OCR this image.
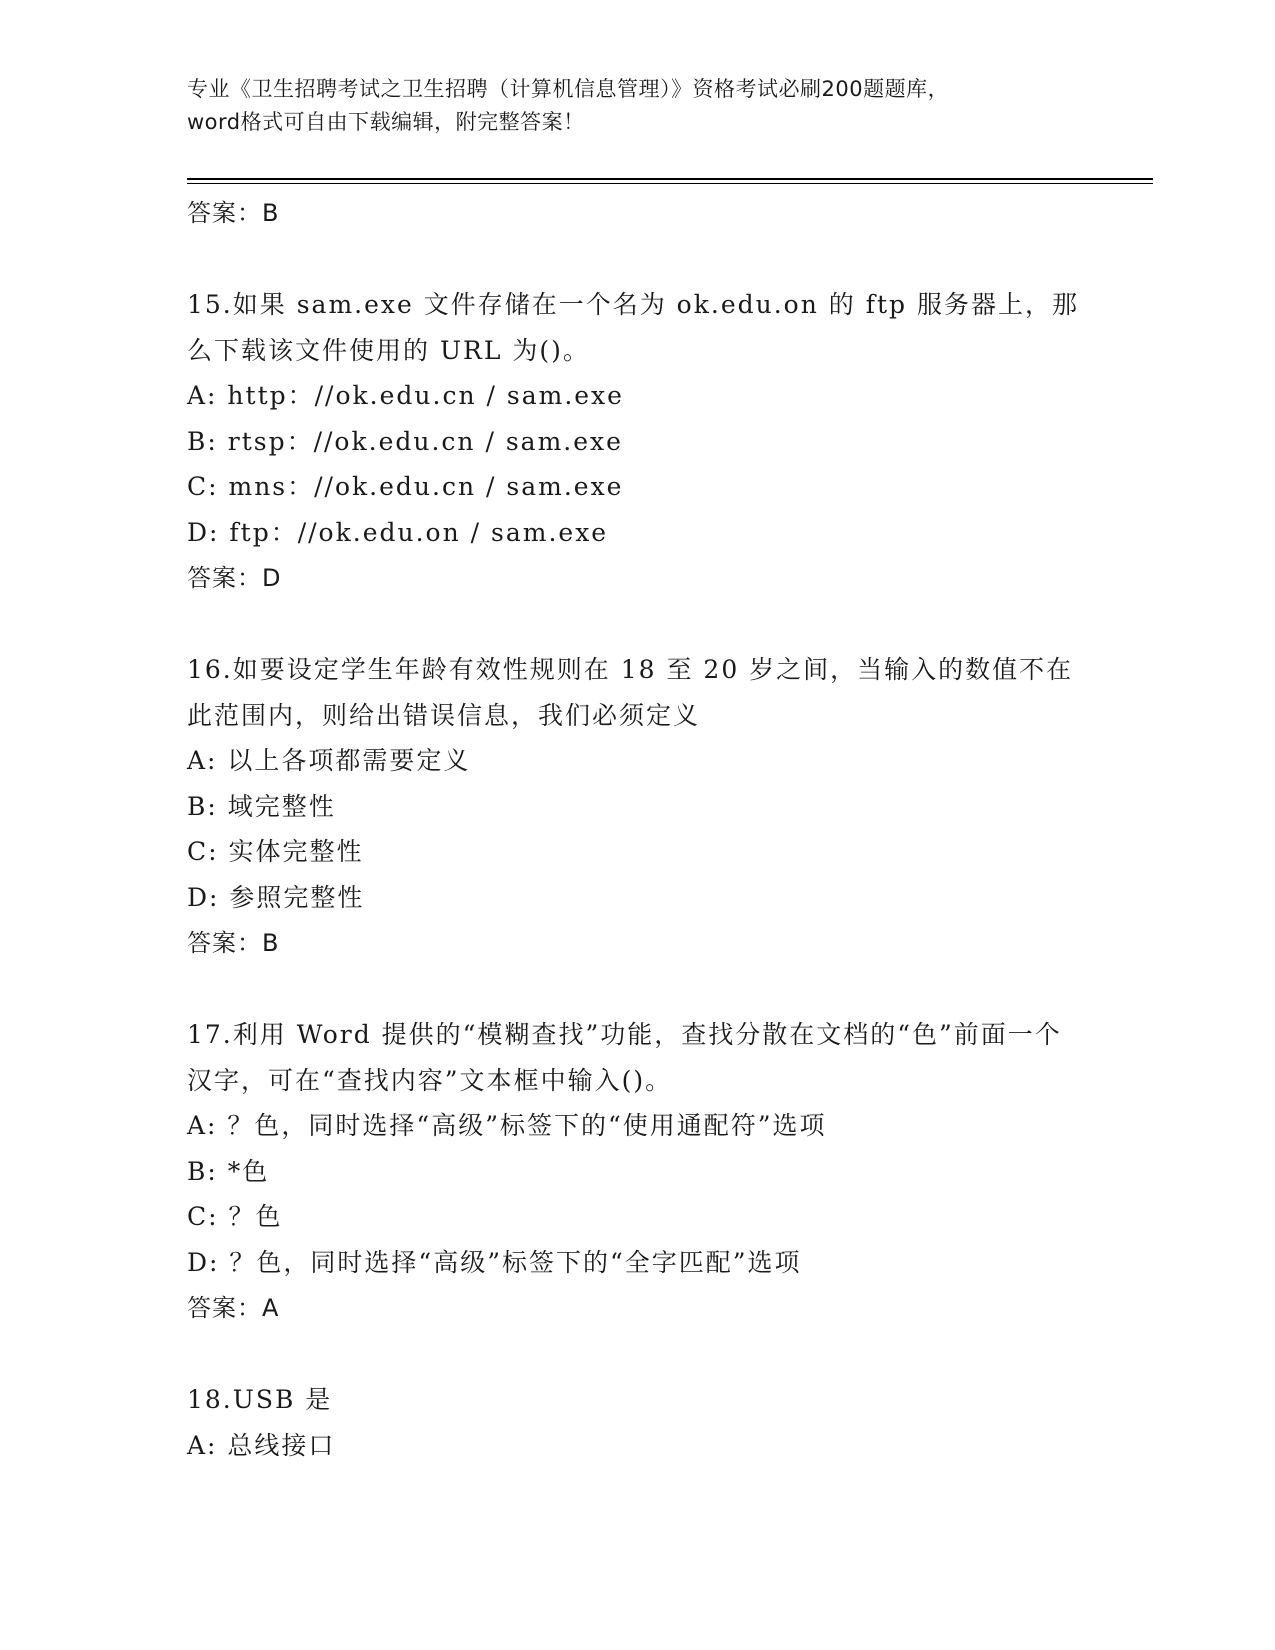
专业《卫生招聘考试之卫生招聘（计算机信息管理）》资格考试必刷200题题库，
word格式可自由下载编辑，附完整答案！
答案：B

15.如果 sam.exe 文件存储在一个名为 ok.edu.on 的 ftp 服务器上，那么下载该文件使用的 URL 为()。

A: http：//ok.edu.cn / sam.exe
B: rtsp：//ok.edu.cn / sam.exe
C: mns：//ok.edu.cn / sam.exe
D: ftp：//ok.edu.on / sam.exe
答案：D

16.如要设定学生年龄有效性规则在 18 至 20 岁之间，当输入的数值不在此范围内，则给出错误信息，我们必须定义

A: 以上各项都需要定义
B: 域完整性
C: 实体完整性
D: 参照完整性
答案：B

17.利用 Word 提供的“模糊查找”功能，查找分散在文档的“色”前面一个汉字，可在“查找内容”文本框中输入()。

A: ？色，同时选择“高级”标签下的“使用通配符”选项
B: *色
C: ？色
D: ？色，同时选择“高级”标签下的“全字匹配”选项
答案：A

18.USB 是

A: 总线接口
